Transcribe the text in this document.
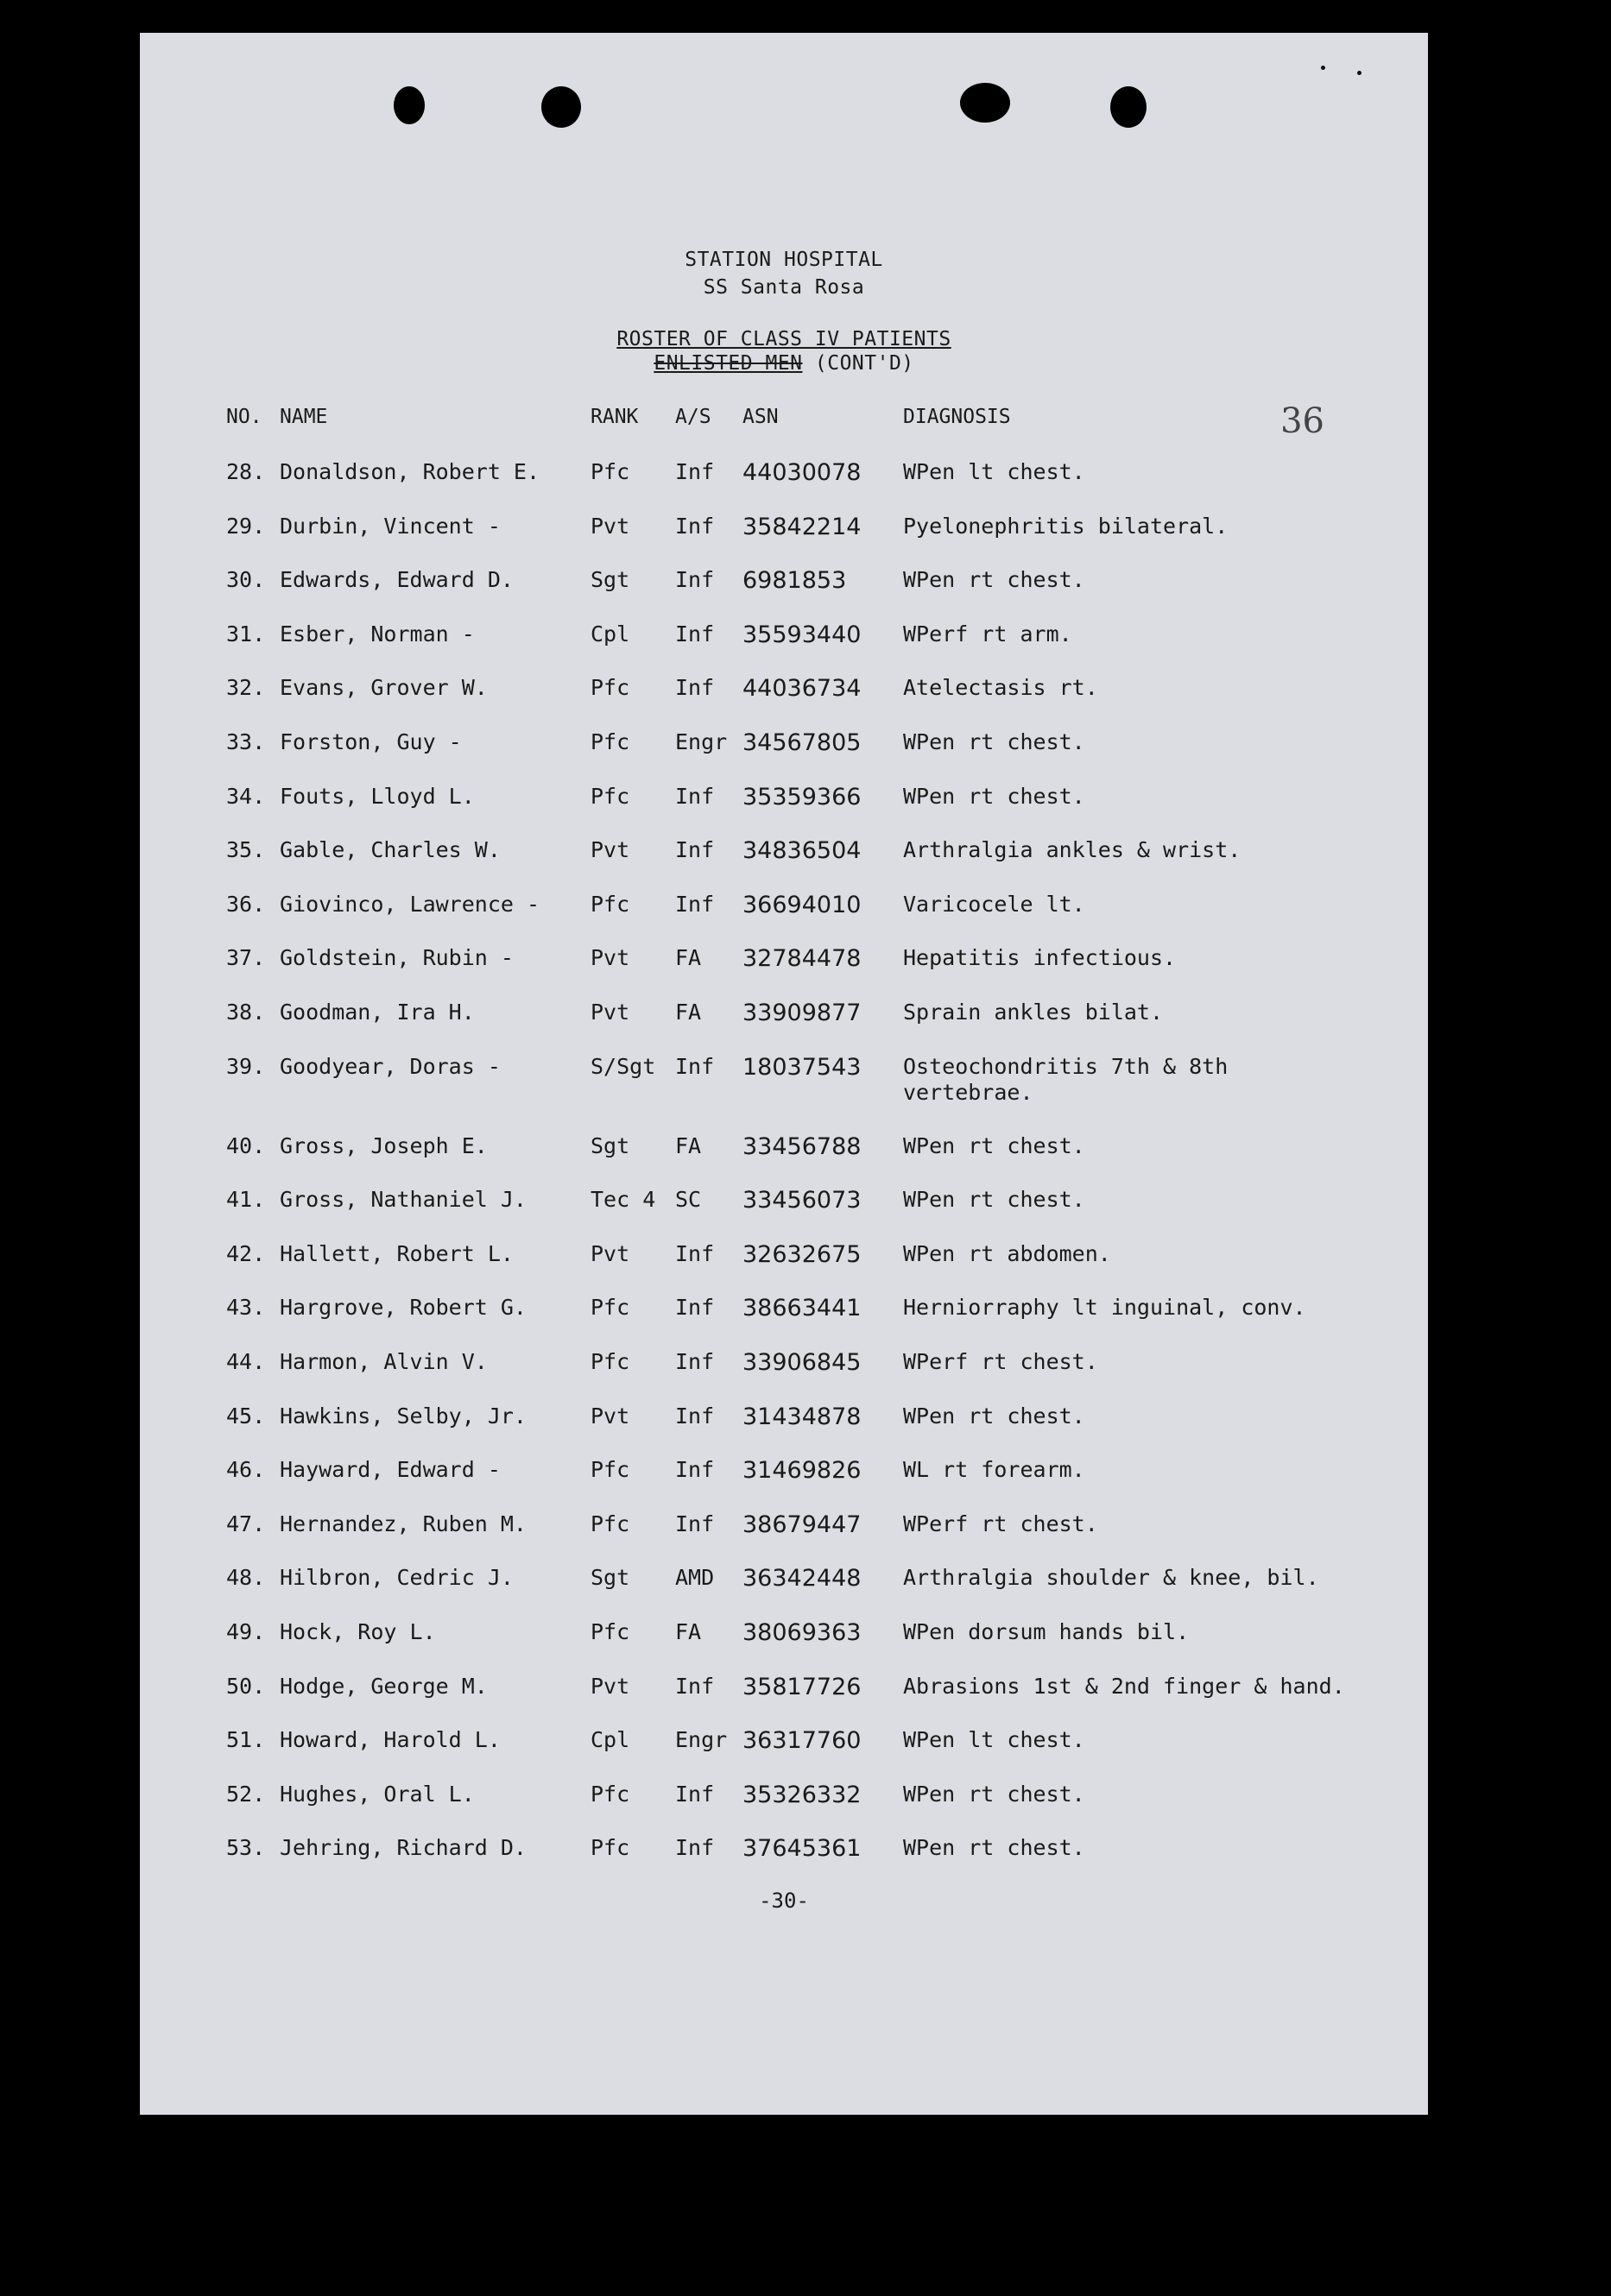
STATION HOSPITAL
SS Santa Rosa
ROSTER OF CLASS IV PATIENTS
ENLISTED MEN (CONT'D)
36
NO. NAME	RANK A/S ASN	DIAGNOSIS
28. Donaldson, Robert E. Pfc Inf 44030078 WPen lt chest.
29. Durbin, Vincent -	Pvt Inf 35842214 Pyelonephritis bilateral.
30. Edwards, Edward D.	Sgt Inf 6981853	WPen rt chest.
31. Esber, Norman -	Cpl Inf 35593440 WPerf rt arm.
32. Evans, Grover W.	Pfc Inf 44036734 Atelectasis rt.
33. Forston, Guy -	Pfc Engr 34567805 WPen rt chest.
34. Fouts, Lloyd L.	Pfc Inf 35359366 WPen rt chest.
35. Gable, Charles W.	Pvt Inf 34836504 Arthralgia ankles & wrist.
36. Giovinco, Lawrence - Pfc Inf 36694010 Varicocele lt.
37. Goldstein, Rubin -	Pvt FA 32784478 Hepatitis infectious.
38. Goodman, Ira H.	Pvt FA 33909877 Sprain ankles bilat.
39. Goodyear, Doras -	S/Sgt Inf 18037543 Osteochondritis 7th & 8th
vertebrae.
40. Gross, Joseph E.	Sgt FA 33456788 WPen rt chest.
41. Gross, Nathaniel J.	Tec 4 SC 33456073 WPen rt chest.
42. Hallett, Robert L.	Pvt Inf 32632675 WPen rt abdomen.
43. Hargrove, Robert G.	Pfc Inf 38663441 Herniorraphy lt inguinal, conv.
44. Harmon, Alvin V.	Pfc Inf 33906845 WPerf rt chest.
45. Hawkins, Selby, Jr.	Pvt Inf 31434878 WPen rt chest.
46. Hayward, Edward -	Pfc Inf 31469826 WL rt forearm.
47. Hernandez, Ruben M.	Pfc Inf 38679447 WPerf rt chest.
48. Hilbron, Cedric J.	Sgt AMD 36342448 Arthralgia shoulder & knee, bil.
49. Hock, Roy L.	Pfc FA 38069363 WPen dorsum hands bil.
50. Hodge, George M.	Pvt Inf 35817726 Abrasions 1st & 2nd finger & hand.
51. Howard, Harold L.	Cpl Engr 36317760 WPen lt chest.
52. Hughes, Oral L.	Pfc Inf 35326332 WPen rt chest.
53. Jehring, Richard D.	Pfc Inf 37645361 WPen rt chest.
-30-
